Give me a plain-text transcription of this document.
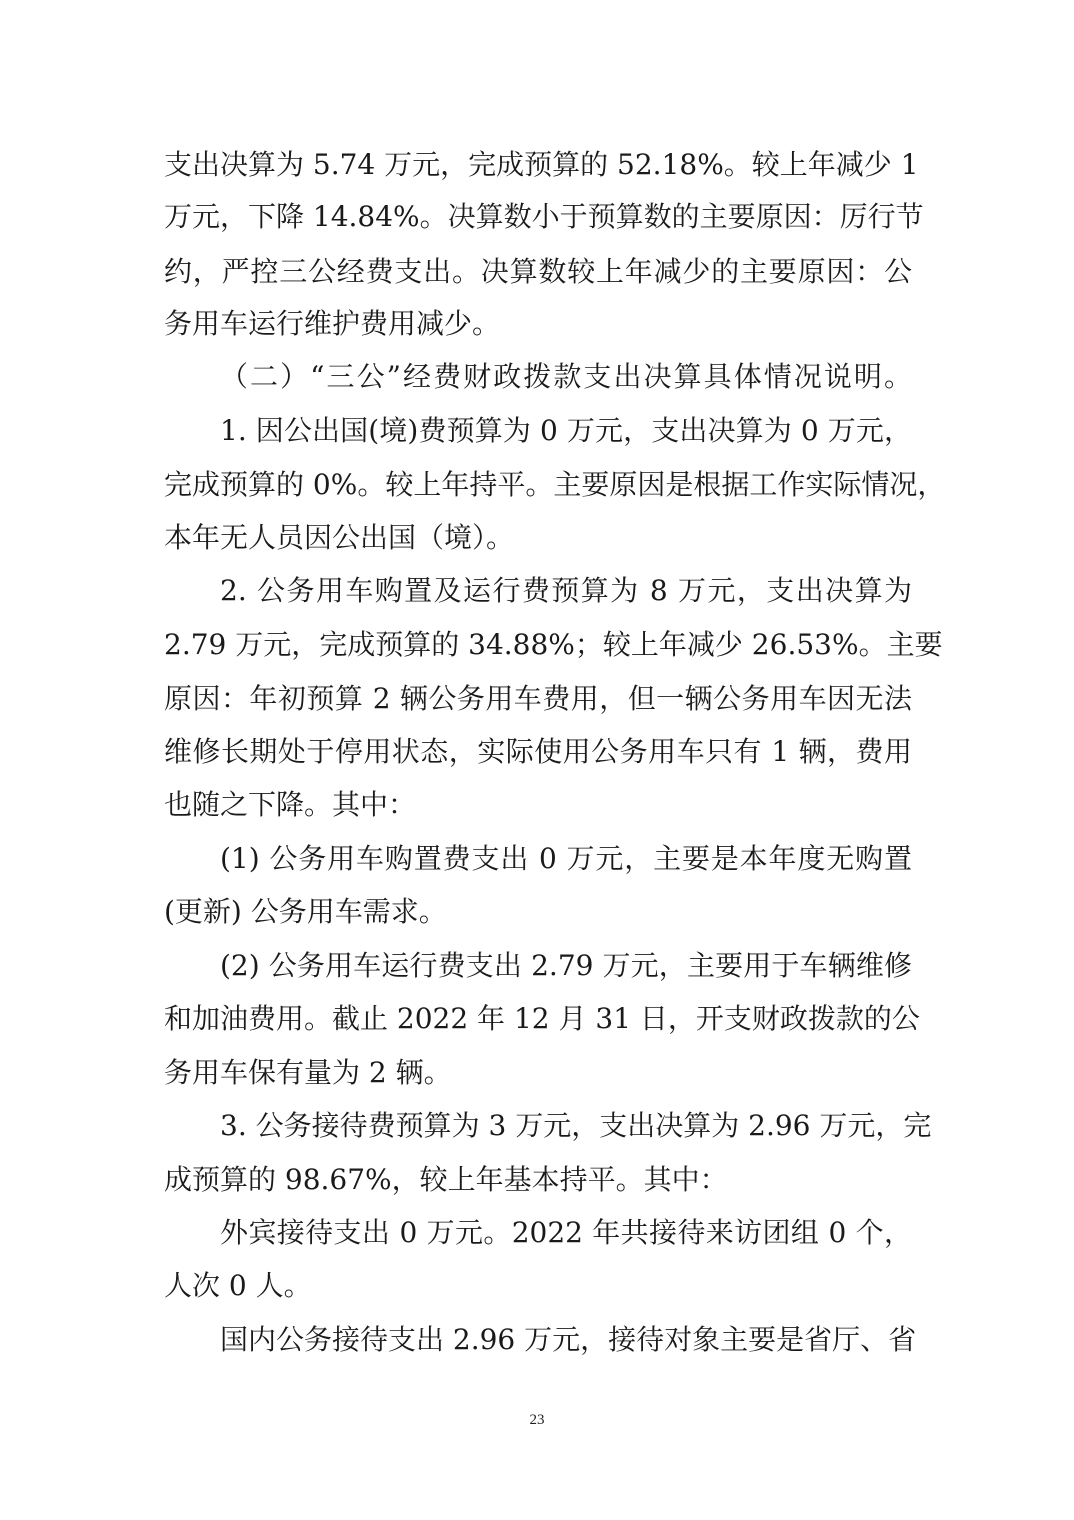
支出决算为 5.74 万元，完成预算的 52.18%。较上年减少 1
万元，下降 14.84%。决算数小于预算数的主要原因：厉行节
约，严控三公经费支出。决算数较上年减少的主要原因：公
务用车运行维护费用减少。
（二）“三公”经费财政拨款支出决算具体情况说明。
1. 因公出国(境)费预算为 0 万元，支出决算为 0 万元，
完成预算的 0%。较上年持平。主要原因是根据工作实际情况，
本年无人员因公出国（境）。
2. 公务用车购置及运行费预算为 8 万元，支出决算为
2.79 万元，完成预算的 34.88%；较上年减少 26.53%。主要
原因：年初预算 2 辆公务用车费用，但一辆公务用车因无法
维修长期处于停用状态，实际使用公务用车只有 1 辆，费用
也随之下降。其中：
(1) 公务用车购置费支出 0 万元，主要是本年度无购置
(更新) 公务用车需求。
(2) 公务用车运行费支出 2.79 万元，主要用于车辆维修
和加油费用。截止 2022 年 12 月 31 日，开支财政拨款的公
务用车保有量为 2 辆。
3. 公务接待费预算为 3 万元，支出决算为 2.96 万元，完
成预算的 98.67%，较上年基本持平。其中：
外宾接待支出 0 万元。2022 年共接待来访团组 0 个，
人次 0 人。
国内公务接待支出 2.96 万元，接待对象主要是省厅、省
23
